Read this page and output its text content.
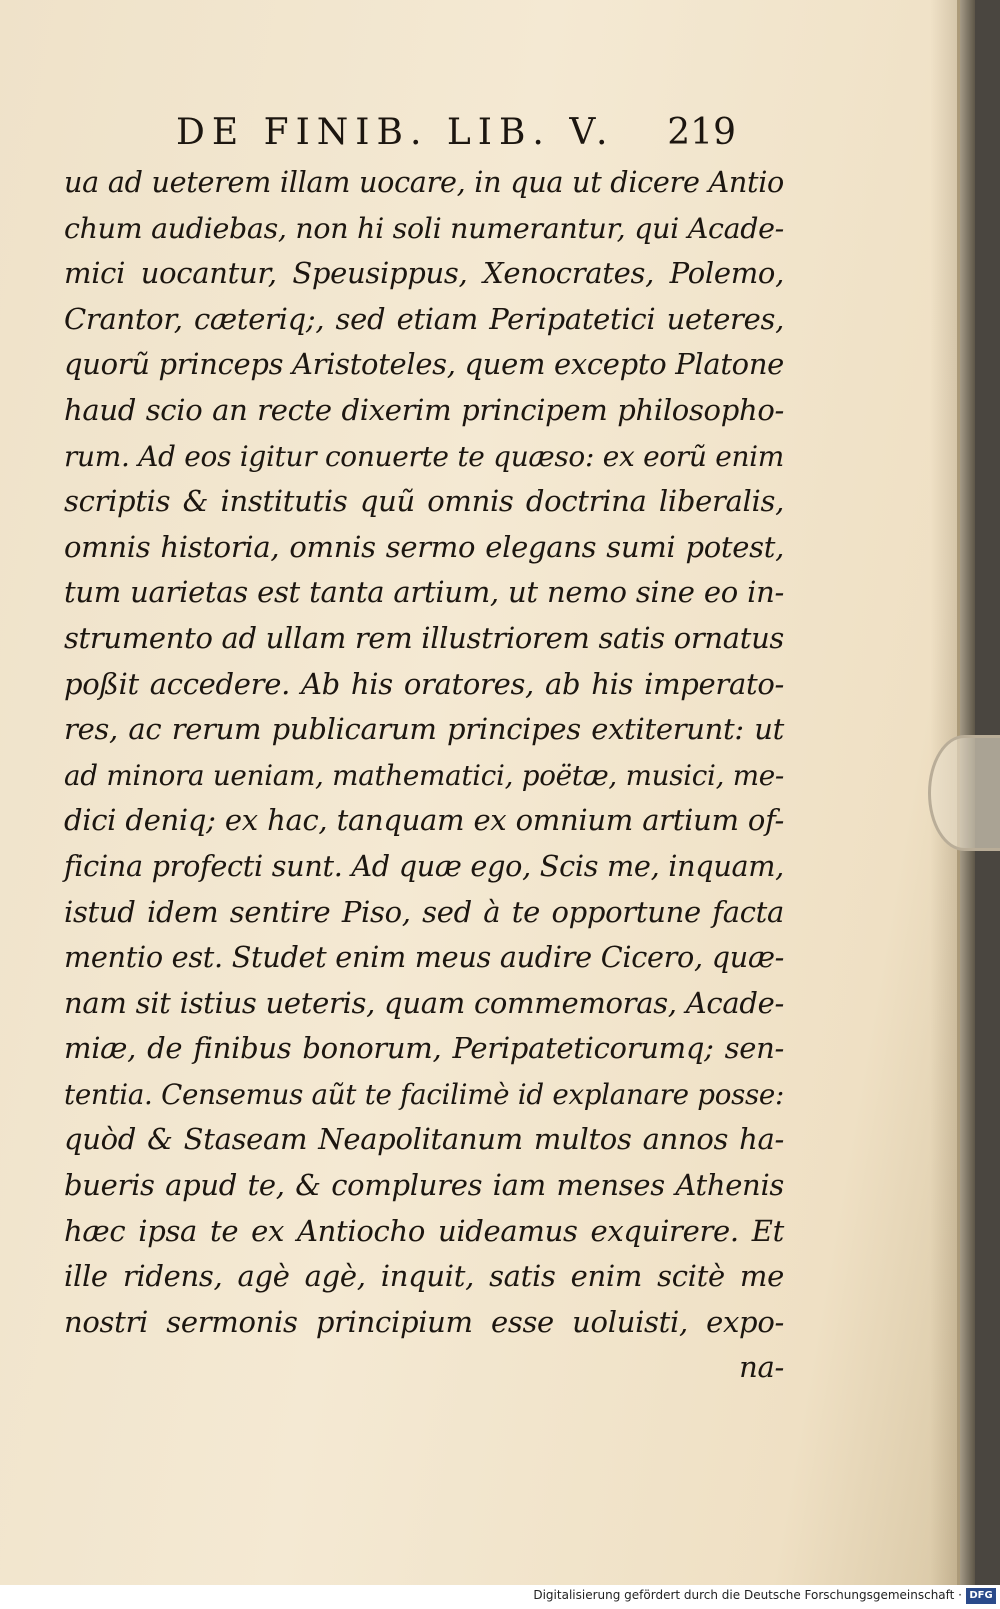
DE FINIB. LIB. V. 219
ua ad ueterem illam uocare, in qua ut dicere Antio
chum audiebas, non hi soli numerantur, qui Acade-
mici uocantur, Speusippus, Xenocrates, Polemo,
Crantor, cæteriq;, sed etiam Peripatetici ueteres,
quorũ princeps Aristoteles, quem excepto Platone
haud scio an recte dixerim principem philosopho-
rum. Ad eos igitur conuerte te quæso: ex eorũ enim
scriptis & institutis quũ omnis doctrina liberalis,
omnis historia, omnis sermo elegans sumi potest,
tum uarietas est tanta artium, ut nemo sine eo in-
strumento ad ullam rem illustriorem satis ornatus
poßit accedere. Ab his oratores, ab his imperato-
res, ac rerum publicarum principes extiterunt: ut
ad minora ueniam, mathematici, poëtæ, musici, me-
dici deniq; ex hac, tanquam ex omnium artium of-
ficina profecti sunt. Ad quæ ego, Scis me, inquam,
istud idem sentire Piso, sed à te opportune facta
mentio est. Studet enim meus audire Cicero, quæ-
nam sit istius ueteris, quam commemoras, Acade-
miæ, de finibus bonorum, Peripateticorumq; sen-
tentia. Censemus aũt te facilimè id explanare posse:
quòd & Staseam Neapolitanum multos annos ha-
bueris apud te, & complures iam menses Athenis
hæc ipsa te ex Antiocho uideamus exquirere. Et
ille ridens, agè agè, inquit, satis enim scitè me
nostri sermonis principium esse uoluisti, expo-
na-
Digitalisierung gefördert durch die Deutsche Forschungsgemeinschaft · DFG
